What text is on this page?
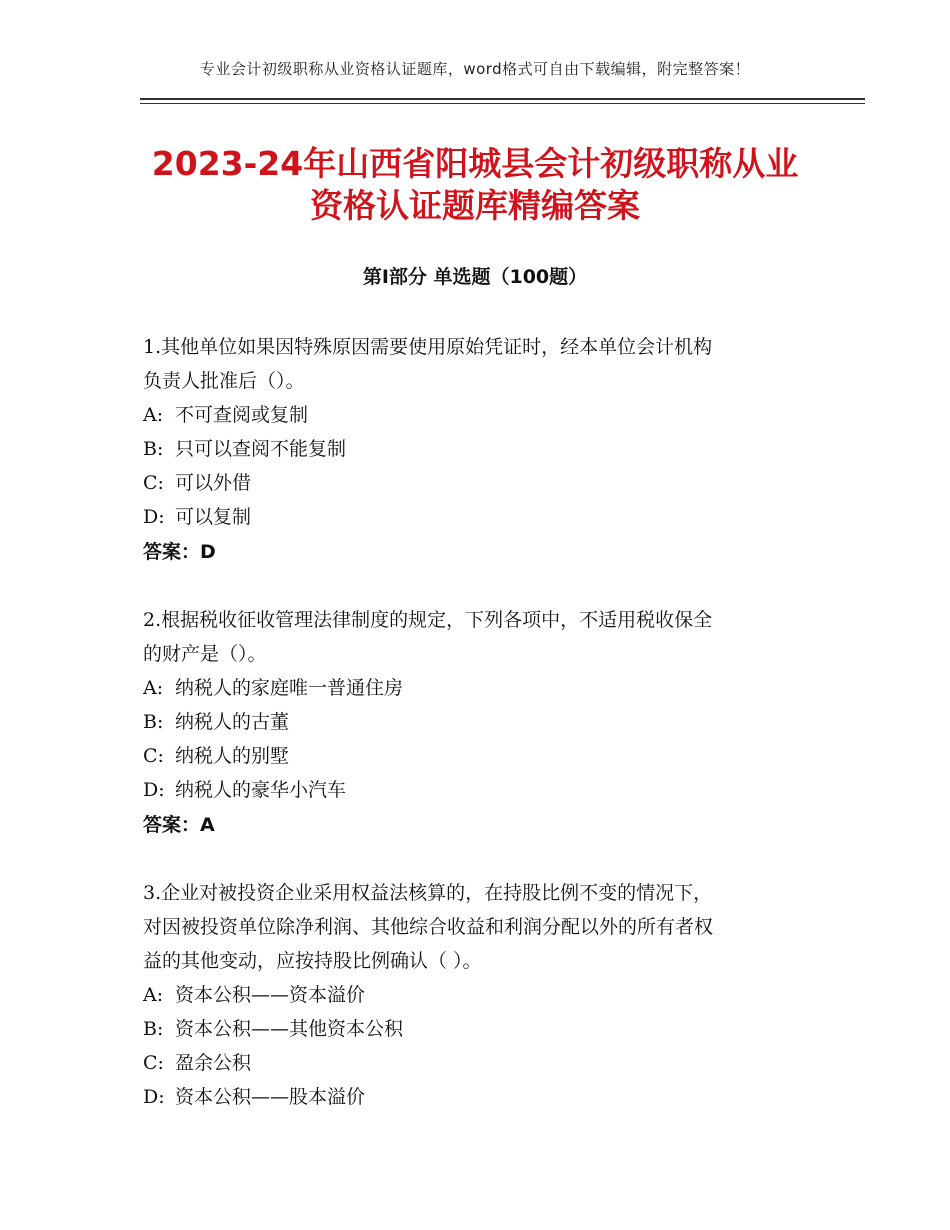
专业会计初级职称从业资格认证题库，word格式可自由下载编辑，附完整答案！
2023-24年山西省阳城县会计初级职称从业
资格认证题库精编答案
第Ⅰ部分 单选题（100题）
1.其他单位如果因特殊原因需要使用原始凭证时，经本单位会计机构
负责人批准后（）。
A: 不可查阅或复制
B: 只可以查阅不能复制
C: 可以外借
D: 可以复制
答案：D
2.根据税收征收管理法律制度的规定，下列各项中，不适用税收保全
的财产是（）。
A: 纳税人的家庭唯一普通住房
B: 纳税人的古董
C: 纳税人的别墅
D: 纳税人的豪华小汽车
答案：A
3.企业对被投资企业采用权益法核算的，在持股比例不变的情况下，
对因被投资单位除净利润、其他综合收益和利润分配以外的所有者权
益的其他变动，应按持股比例确认（ ）。
A: 资本公积——资本溢价
B: 资本公积——其他资本公积
C: 盈余公积
D: 资本公积——股本溢价
